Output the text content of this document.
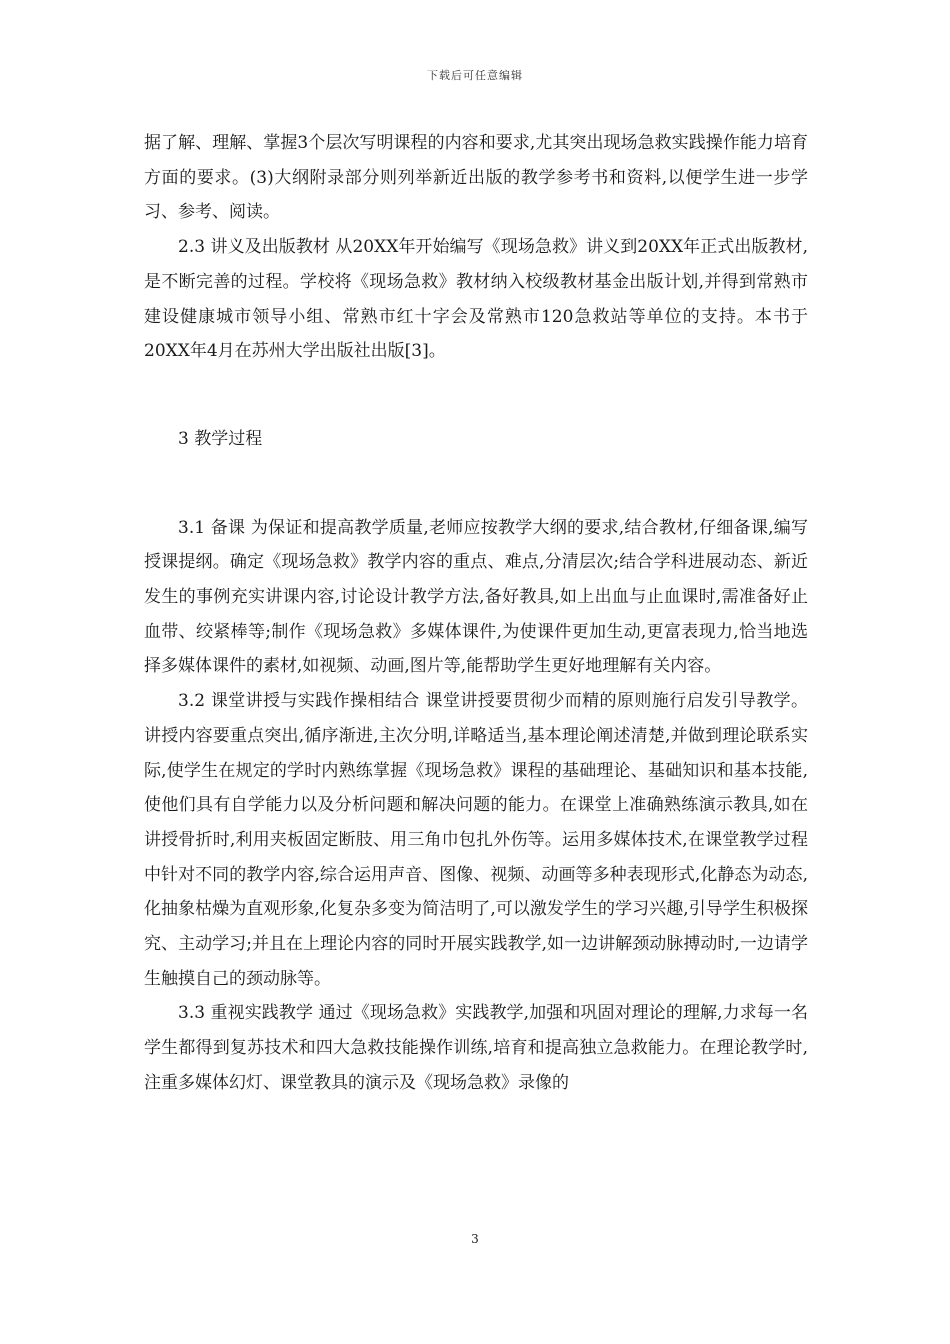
下载后可任意编辑

据了解、理解、掌握3个层次写明课程的内容和要求,尤其突出现场急救实践操作能力培育方面的要求。(3)大纲附录部分则列举新近出版的教学参考书和资料,以便学生进一步学习、参考、阅读。

2.3 讲义及出版教材 从20XX年开始编写《现场急救》讲义到20XX年正式出版教材,是不断完善的过程。学校将《现场急救》教材纳入校级教材基金出版计划,并得到常熟市建设健康城市领导小组、常熟市红十字会及常熟市120急救站等单位的支持。本书于20XX年4月在苏州大学出版社出版[3]。

3 教学过程

3.1 备课 为保证和提高教学质量,老师应按教学大纲的要求,结合教材,仔细备课,编写授课提纲。确定《现场急救》教学内容的重点、难点,分清层次;结合学科进展动态、新近发生的事例充实讲课内容,讨论设计教学方法,备好教具,如上出血与止血课时,需准备好止血带、绞紧棒等;制作《现场急救》多媒体课件,为使课件更加生动,更富表现力,恰当地选择多媒体课件的素材,如视频、动画,图片等,能帮助学生更好地理解有关内容。

3.2 课堂讲授与实践作操相结合 课堂讲授要贯彻少而精的原则施行启发引导教学。讲授内容要重点突出,循序渐进,主次分明,详略适当,基本理论阐述清楚,并做到理论联系实际,使学生在规定的学时内熟练掌握《现场急救》课程的基础理论、基础知识和基本技能,使他们具有自学能力以及分析问题和解决问题的能力。在课堂上准确熟练演示教具,如在讲授骨折时,利用夹板固定断肢、用三角巾包扎外伤等。运用多媒体技术,在课堂教学过程中针对不同的教学内容,综合运用声音、图像、视频、动画等多种表现形式,化静态为动态,化抽象枯燥为直观形象,化复杂多变为简洁明了,可以激发学生的学习兴趣,引导学生积极探究、主动学习;并且在上理论内容的同时开展实践教学,如一边讲解颈动脉搏动时,一边请学生触摸自己的颈动脉等。

3.3 重视实践教学 通过《现场急救》实践教学,加强和巩固对理论的理解,力求每一名学生都得到复苏技术和四大急救技能操作训练,培育和提高独立急救能力。在理论教学时,注重多媒体幻灯、课堂教具的演示及《现场急救》录像的

3
